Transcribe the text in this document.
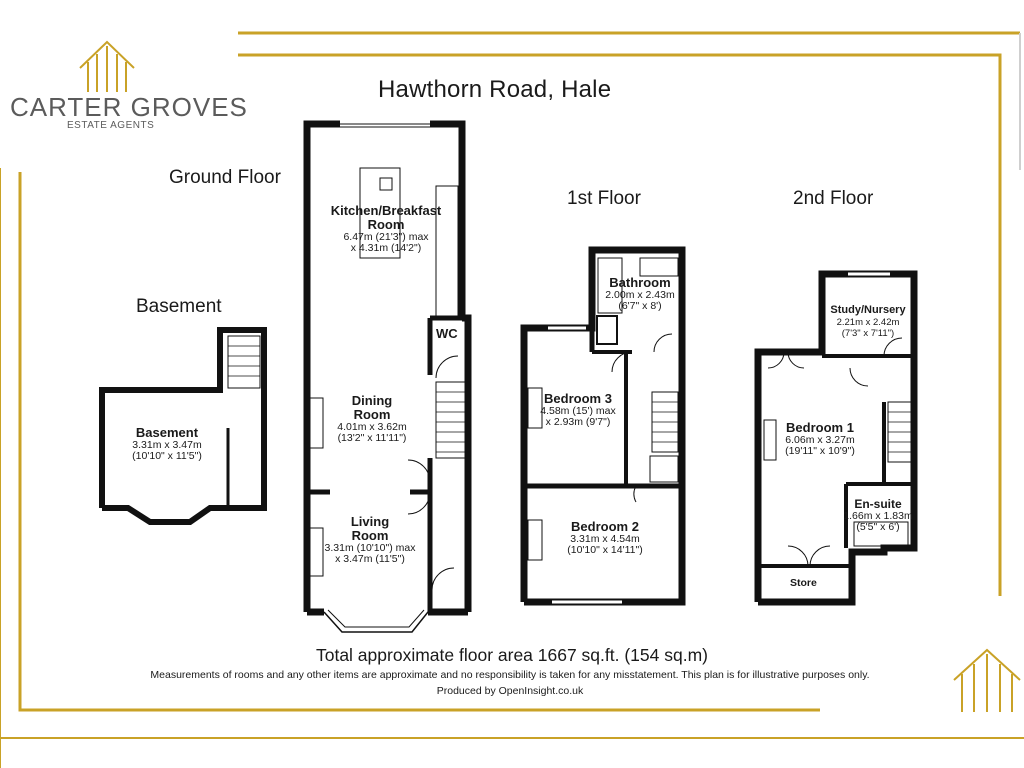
CARTER GROVES
ESTATE AGENTS
Hawthorn Road, Hale
Ground Floor
Basement
1st Floor	2nd Floor
Kitchen/Breakfast
Room
6.47m (21'3") max
x 4.31m (14'2")
WC
Dining
Room
4.01m x 3.62m
(13'2" x 11'11")
Living
Room
3.31m (10'10") max
x 3.47m (11'5")
Basement
3.31m x 3.47m
(10'10" x 11'5")
Bathroom
2.00m x 2.43m
(6'7" x 8')
Bedroom 3
4.58m (15') max
x 2.93m (9'7")
Bedroom 2
3.31m x 4.54m
(10'10" x 14'11")
Study/Nursery
2.21m x 2.42m
(7'3" x 7'11")
Bedroom 1
6.06m x 3.27m
(19'11" x 10'9")
En-suite
1.66m x 1.83m
(5'5" x 6')
Store
Total approximate floor area 1667 sq.ft. (154 sq.m)
Measurements of rooms and any other items are approximate and no responsibility is taken for any misstatement. This plan is for illustrative purposes only.
Produced by OpenInsight.co.uk
